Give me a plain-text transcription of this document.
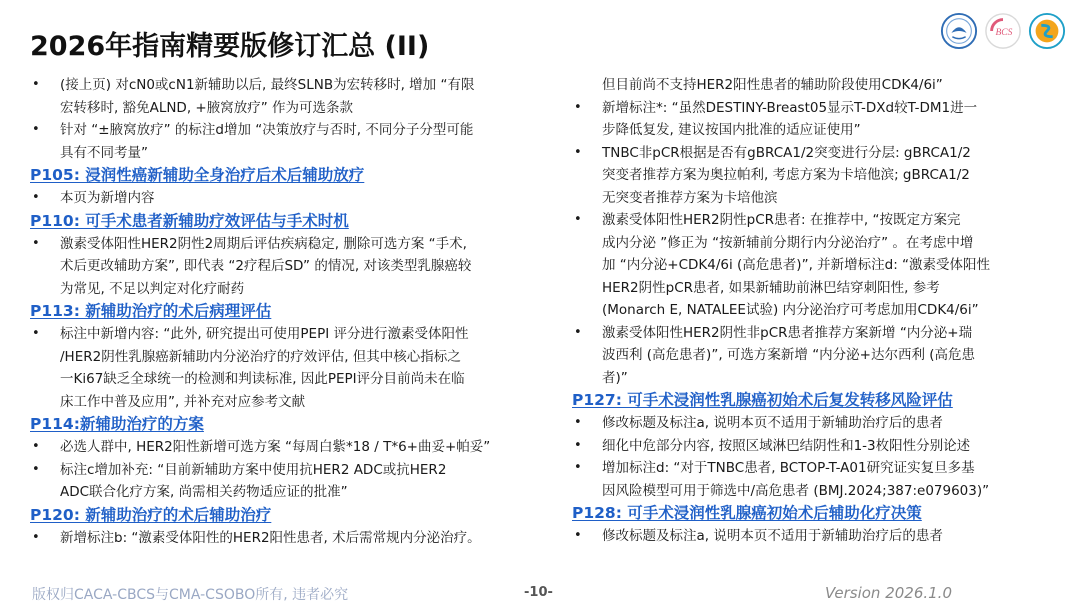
2026年指南精要版修订汇总 (II)	BCS
•	(接上页) 对cN0或cN1新辅助以后, 最终SLNB为宏转移时, 增加 “有限
宏转移时, 豁免ALND, +腋窝放疗” 作为可选条款
•	针对 “±腋窝放疗” 的标注d增加 “决策放疗与否时, 不同分子分型可能
具有不同考量”
P105: 浸润性癌新辅助全身治疗后术后辅助放疗
•	本页为新增内容
P110: 可手术患者新辅助疗效评估与手术时机
•	激素受体阳性HER2阴性2周期后评估疾病稳定, 删除可选方案 “手术,
术后更改辅助方案”, 即代表 “2疗程后SD” 的情况, 对该类型乳腺癌较
为常见, 不足以判定对化疗耐药
P113: 新辅助治疗的术后病理评估
•	标注中新增内容: “此外, 研究提出可使用PEPI 评分进行激素受体阳性
/HER2阴性乳腺癌新辅助内分泌治疗的疗效评估, 但其中核心指标之
一Ki67缺乏全球统一的检测和判读标准, 因此PEPI评分目前尚未在临
床工作中普及应用”, 并补充对应参考文献
P114:新辅助治疗的方案
•	必选人群中, HER2阳性新增可选方案 “每周白紫*18 / T*6+曲妥+帕妥”
•	标注c增加补充: “目前新辅助方案中使用抗HER2 ADC或抗HER2
ADC联合化疗方案, 尚需相关药物适应证的批准”
P120: 新辅助治疗的术后辅助治疗
•	新增标注b: “激素受体阳性的HER2阳性患者, 术后需常规内分泌治疗。
但目前尚不支持HER2阳性患者的辅助阶段使用CDK4/6i”
•	新增标注*: “虽然DESTINY-Breast05显示T-DXd较T-DM1进一
步降低复发, 建议按国内批准的适应证使用”
•	TNBC非pCR根据是否有gBRCA1/2突变进行分层: gBRCA1/2
突变者推荐方案为奥拉帕利, 考虑方案为卡培他滨; gBRCA1/2
无突变者推荐方案为卡培他滨
•	激素受体阳性HER2阴性pCR患者: 在推荐中, “按既定方案完
成内分泌 ”修正为 “按新辅前分期行内分泌治疗” 。在考虑中增
加 “内分泌+CDK4/6i (高危患者)”, 并新增标注d: “激素受体阳性
HER2阴性pCR患者, 如果新辅助前淋巴结穿刺阳性, 参考
(Monarch E, NATALEE试验) 内分泌治疗可考虑加用CDK4/6i”
•	激素受体阳性HER2阴性非pCR患者推荐方案新增 “内分泌+瑞
波西利 (高危患者)”, 可选方案新增 “内分泌+达尔西利 (高危患
者)”
P127: 可手术浸润性乳腺癌初始术后复发转移风险评估
•	修改标题及标注a, 说明本页不适用于新辅助治疗后的患者
•	细化中危部分内容, 按照区域淋巴结阴性和1-3枚阳性分别论述
•	增加标注d: “对于TNBC患者, BCTOP-T-A01研究证实复旦多基
因风险模型可用于筛选中/高危患者 (BMJ.2024;387:e079603)”
P128: 可手术浸润性乳腺癌初始术后辅助化疗决策
•	修改标题及标注a, 说明本页不适用于新辅助治疗后的患者
版权归CACA-CBCS与CMA-CSOBO所有, 违者必究	-10-	Version 2026.1.0
